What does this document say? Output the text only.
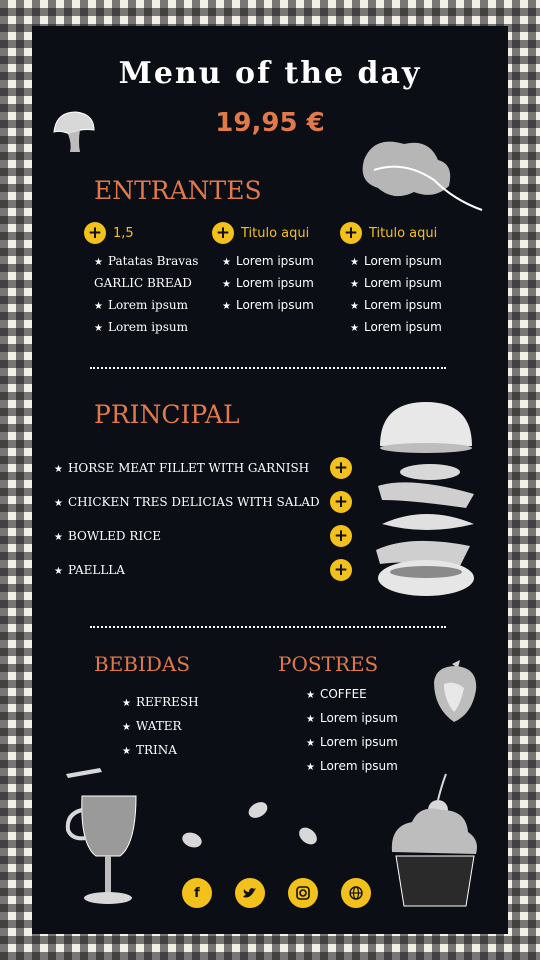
Menu of the day
19,95 €
ENTRANTES
+ 1,5
★ Patatas Bravas
GARLIC BREAD
★ Lorem ipsum
★ Lorem ipsum
+ Titulo aqui
★ Lorem ipsum
★ Lorem ipsum
★ Lorem ipsum
+ Titulo aqui
★ Lorem ipsum
★ Lorem ipsum
★ Lorem ipsum
★ Lorem ipsum
PRINCIPAL
★ HORSE MEAT FILLET WITH GARNISH +
★ CHICKEN TRES DELICIAS WITH SALAD +
★ BOWLED RICE	+
★ PAELLLA	+
BEBIDAS
★ REFRESH
★ WATER
★ TRINA
POSTRES
★ COFFEE
★ Lorem ipsum
★ Lorem ipsum
★ Lorem ipsum
f
